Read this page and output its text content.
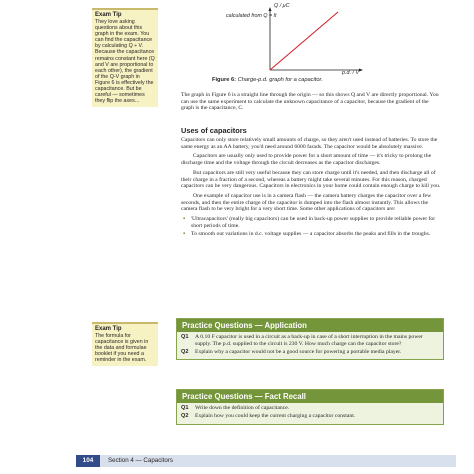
Exam Tip
They love asking questions about this graph in the exam. You can find the capacitance by calculating Q ÷ V. Because the capacitance remains constant here (Q and V are proportional to each other), the gradient of the Q-V graph in Figure 6 is effectively the capacitance. But be careful — sometimes they flip the axes...
Exam Tip
The formula for capacitance is given in the data and formulae booklet if you need a reminder in the exam.
Q / μC
p.d. / V
calculated from Q = It
Figure 6: Charge-p.d. graph for a capacitor.

The graph in Figure 6 is a straight line through the origin — so this shows Q and V are directly proportional. You can use the same experiment to calculate the unknown capacitance of a capacitor, because the gradient of the graph is the capacitance, C.

Uses of capacitors

Capacitors can only store relatively small amounts of charge, so they aren't used instead of batteries. To store the same energy as an AA battery, you'd need around 6000 farads. The capacitor would be absolutely massive.

Capacitors are usually only used to provide power for a short amount of time — it's tricky to prolong the discharge time and the voltage through the circuit decreases as the capacitor discharges.

But capacitors are still very useful because they can store charge until it's needed, and then discharge all of their charge in a fraction of a second, whereas a battery might take several minutes. For this reason, charged capacitors can be very dangerous. Capacitors in electronics in your home could contain enough charge to kill you.

One example of capacitor use is in a camera flash — the camera battery charges the capacitor over a few seconds, and then the entire charge of the capacitor is dumped into the flash almost instantly. This allows the camera flash to be very bright for a very short time. Some other applications of capacitors are:

▪ 'Ultracapacitors' (really big capacitors) can be used in back-up power supplies to provide reliable power for short periods of time.
▪ To smooth out variations in d.c. voltage supplies — a capacitor absorbs the peaks and fills in the troughs.
Practice Questions — Application
Q1	A 0.10 F capacitor is used in a circuit as a back-up in case of a short interruption in the mains power supply. The p.d. supplied to the circuit is 230 V. How much charge can the capacitor store?
Q2	Explain why a capacitor would not be a good source for powering a portable media player.
Practice Questions — Fact Recall
Q1	Write down the definition of capacitance.
Q2	Explain how you could keep the current charging a capacitor constant.
104	Section 4 — Capacitors
